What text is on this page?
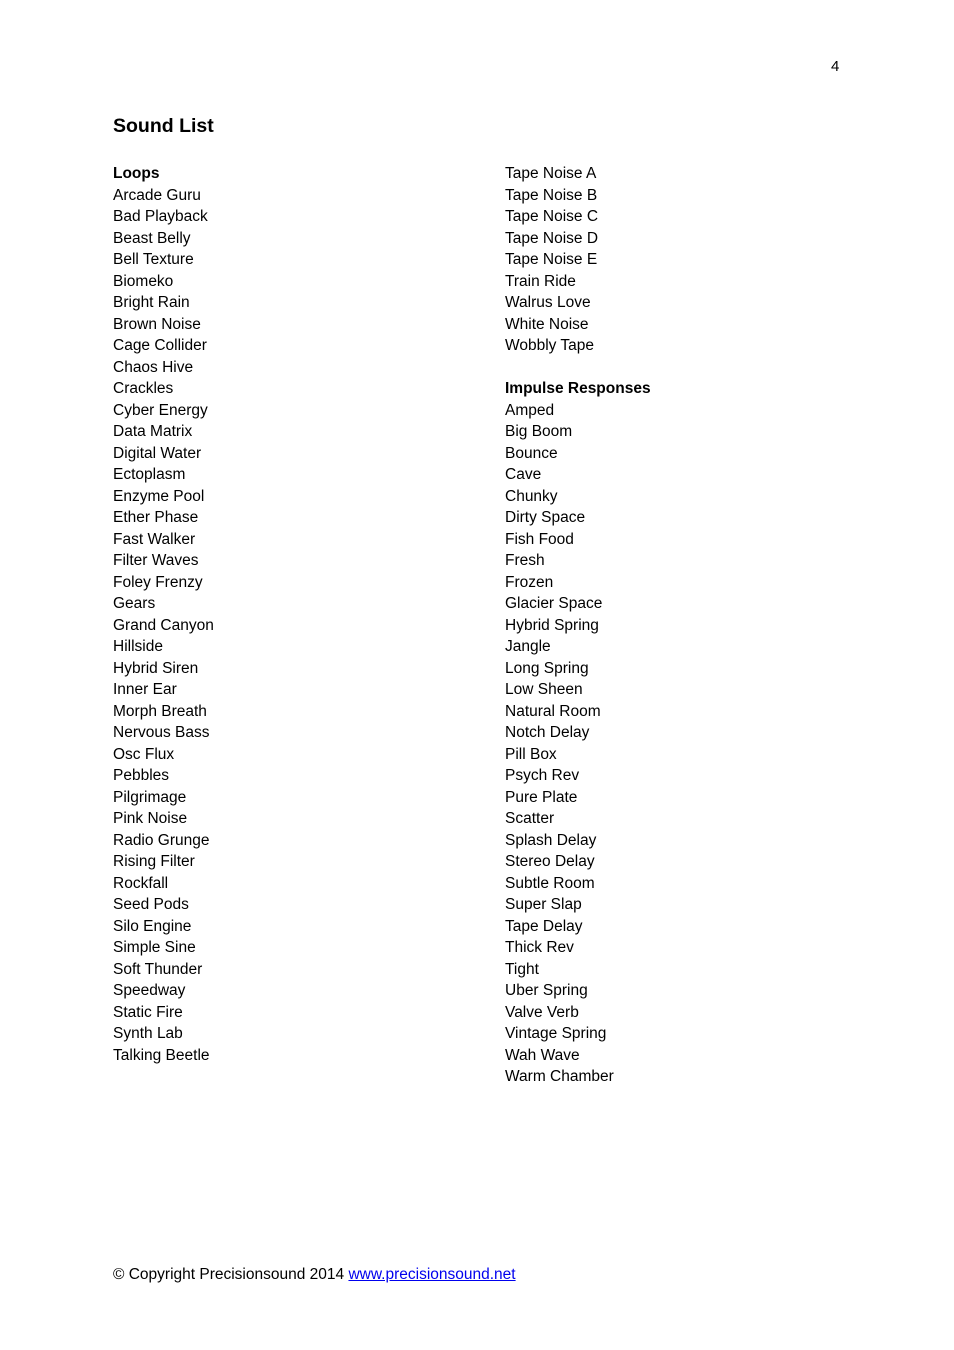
4
Sound List
Loops
Arcade Guru
Bad Playback
Beast Belly
Bell Texture
Biomeko
Bright Rain
Brown Noise
Cage Collider
Chaos Hive
Crackles
Cyber Energy
Data Matrix
Digital Water
Ectoplasm
Enzyme Pool
Ether Phase
Fast Walker
Filter Waves
Foley Frenzy
Gears
Grand Canyon
Hillside
Hybrid Siren
Inner Ear
Morph Breath
Nervous Bass
Osc Flux
Pebbles
Pilgrimage
Pink Noise
Radio Grunge
Rising Filter
Rockfall
Seed Pods
Silo Engine
Simple Sine
Soft Thunder
Speedway
Static Fire
Synth Lab
Talking Beetle
Tape Noise A
Tape Noise B
Tape Noise C
Tape Noise D
Tape Noise E
Train Ride
Walrus Love
White Noise
Wobbly Tape
Impulse Responses
Amped
Big Boom
Bounce
Cave
Chunky
Dirty Space
Fish Food
Fresh
Frozen
Glacier Space
Hybrid Spring
Jangle
Long Spring
Low Sheen
Natural Room
Notch Delay
Pill Box
Psych Rev
Pure Plate
Scatter
Splash Delay
Stereo Delay
Subtle Room
Super Slap
Tape Delay
Thick Rev
Tight
Uber Spring
Valve Verb
Vintage Spring
Wah Wave
Warm Chamber
© Copyright Precisionsound 2014 www.precisionsound.net
